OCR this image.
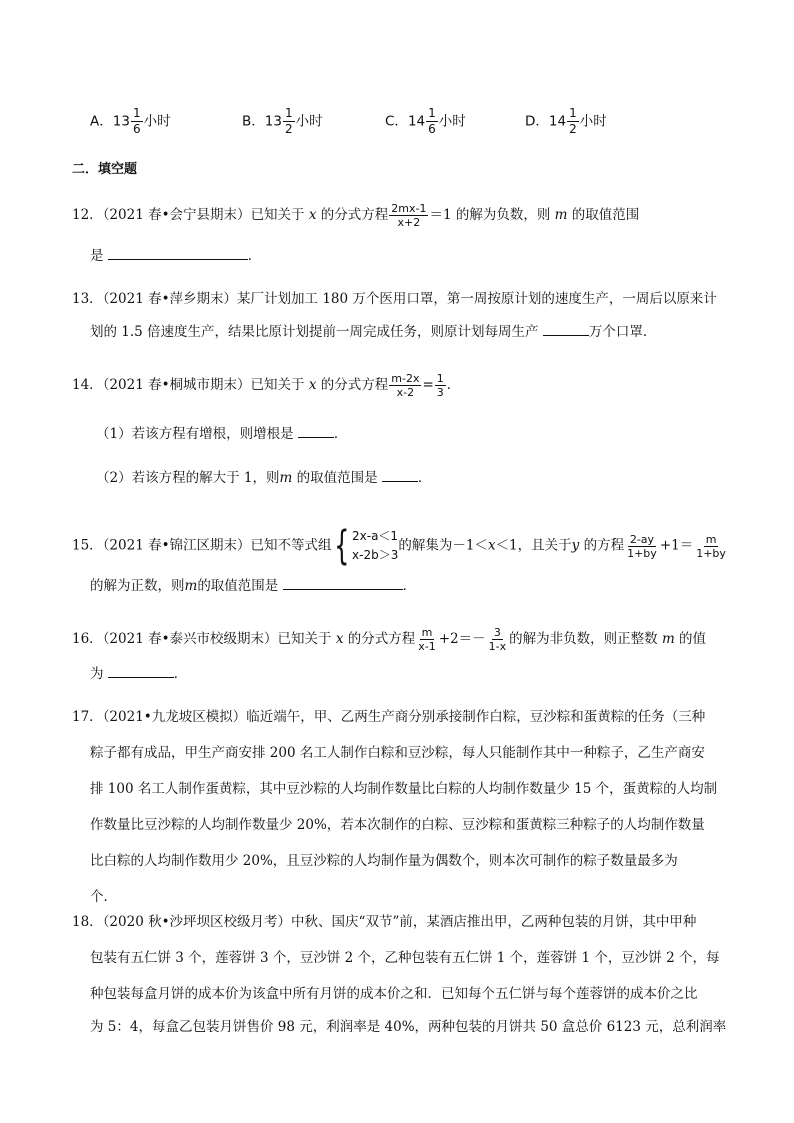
A．$13 \frac{1}{6}$ 小时	B．$13 \frac{1}{2}$ 小时	C．$14 \frac{1}{6}$ 小时	D．$14 \frac{1}{2}$ 小时
二．填空题
12．（2021 春•会宁县期末）已知关于 x 的分式方程 $\frac{2mx-1}{x+2} =1$ 的解为负数，则 m 的取值范围
是	．
13．（2021 春•萍乡期末）某厂计划加工 180 万个医用口罩，第一周按原计划的速度生产，一周后以原来计
划的 1.5 倍速度生产，结果比原计划提前一周完成任务，则原计划每周生产	万个口罩．
14．（2021 春•桐城市期末）已知关于 x 的分式方程 $\frac{m-2x}{x-2} = \frac{1}{3}$ ．
（1）若该方程有增根，则增根是	．
（2）若该方程的解大于 1，则m 的取值范围是	．
15．（2021 春•锦江区期末）已知不等式组{ 2x-a＜1
x-2b＞3
的解集为－1＜x＜1，且关于y 的方程 $\frac{2-ay}{1+by} +1= \frac{m}{1+by}$
的解为正数，则m的取值范围是	．
16．（2021 春•泰兴市校级期末）已知关于 x 的分式方程 $\frac{m}{x-1} +2=- \frac{3}{1-x}$ 的解为非负数，则正整数 m 的值
为	．
17．（2021•九龙坡区模拟）临近端午，甲、乙两生产商分别承接制作白粽，豆沙粽和蛋黄粽的任务（三种
粽子都有成品，甲生产商安排 200 名工人制作白粽和豆沙粽，每人只能制作其中一种粽子，乙生产商安
排 100 名工人制作蛋黄粽，其中豆沙粽的人均制作数量比白粽的人均制作数量少 15 个，蛋黄粽的人均制
作数量比豆沙粽的人均制作数量少 20%，若本次制作的白粽、豆沙粽和蛋黄粽三种粽子的人均制作数量
比白粽的人均制作数用少 20%，且豆沙粽的人均制作量为偶数个，则本次可制作的粽子数量最多为
个．
18．（2020 秋•沙坪坝区校级月考）中秋、国庆“双节”前，某酒店推出甲，乙两种包装的月饼，其中甲种
包装有五仁饼 3 个，莲蓉饼 3 个，豆沙饼 2 个，乙种包装有五仁饼 1 个，莲蓉饼 1 个，豆沙饼 2 个，每
种包装每盒月饼的成本价为该盒中所有月饼的成本价之和．已知每个五仁饼与每个莲蓉饼的成本价之比
为 5：4，每盒乙包装月饼售价 98 元，利润率是 40%，两种包装的月饼共 50 盒总价 6123 元，总利润率
